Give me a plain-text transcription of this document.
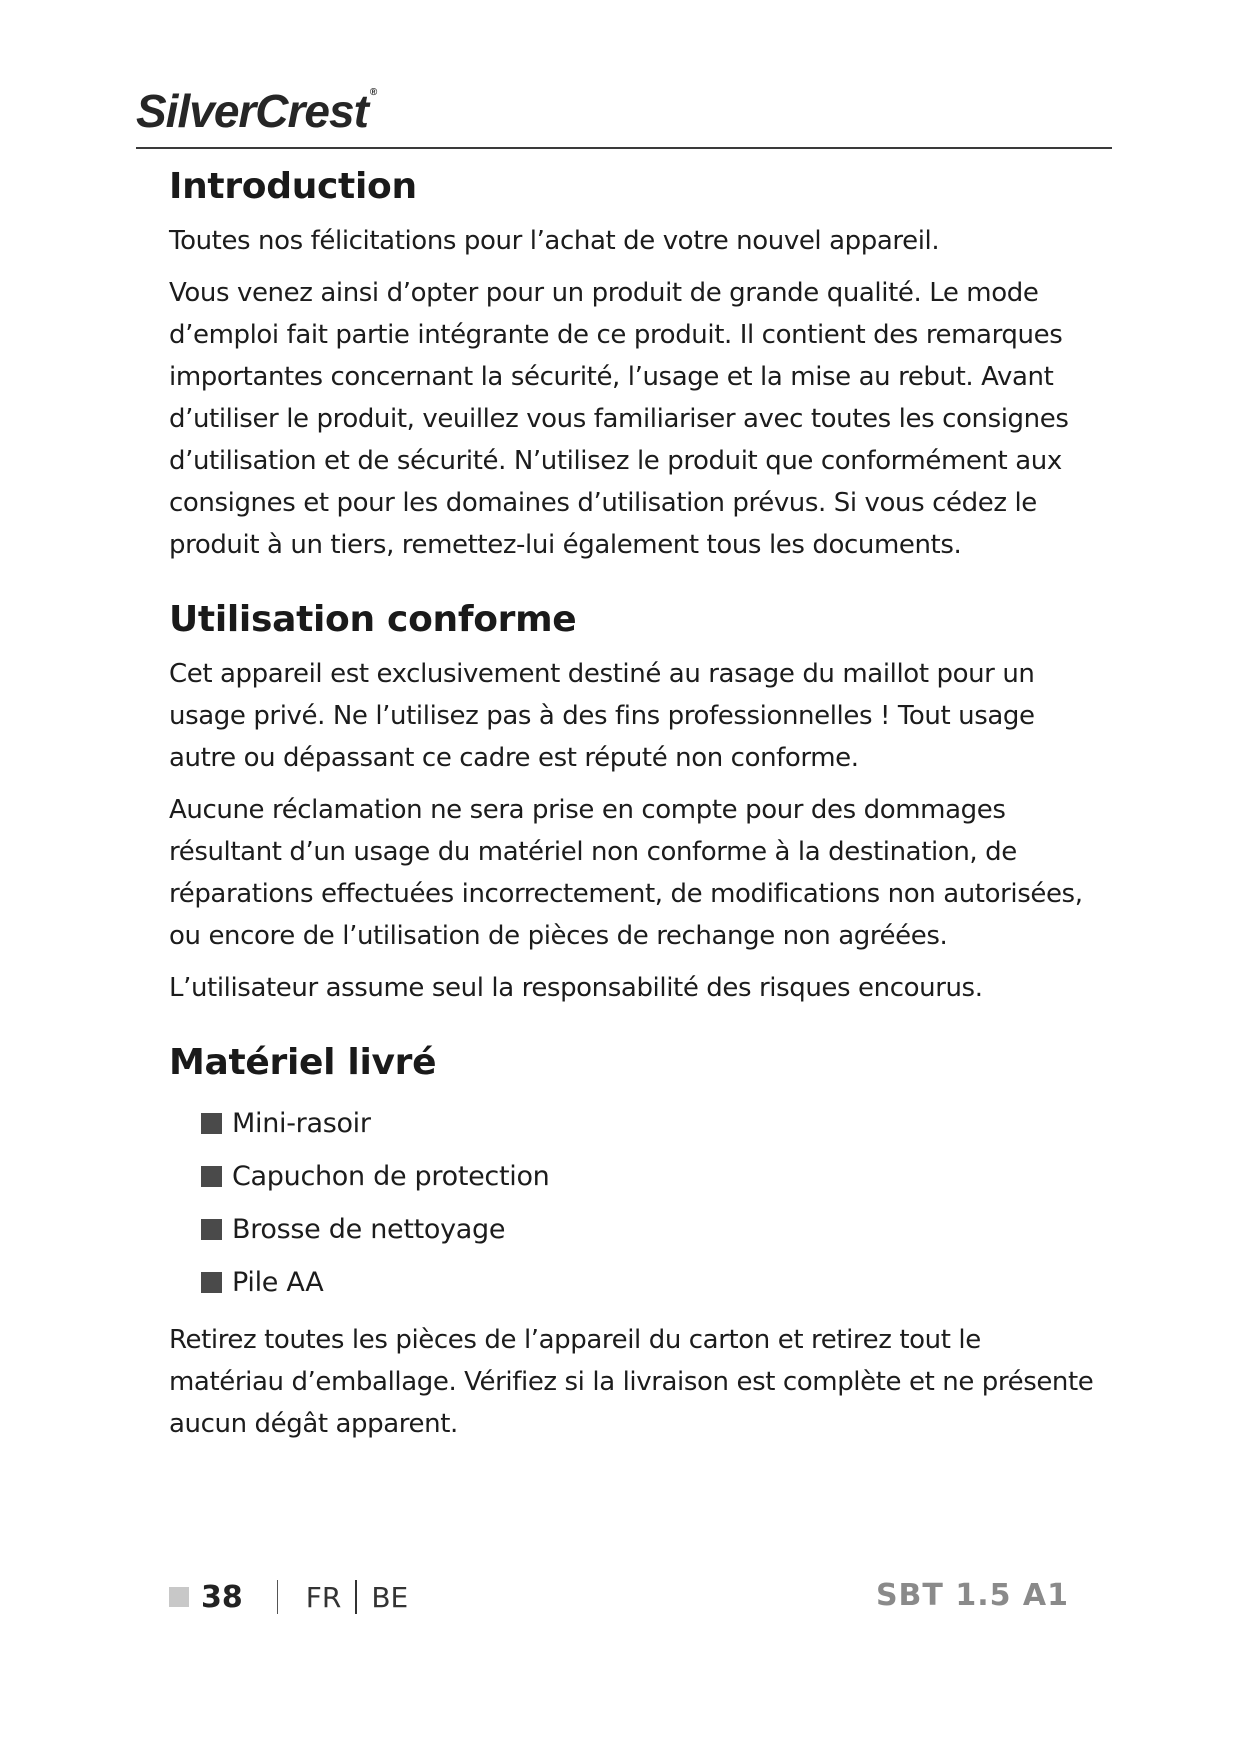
SilverCrest ®
Introduction

Toutes nos félicitations pour l’achat de votre nouvel appareil.

Vous venez ainsi d’opter pour un produit de grande qualité. Le mode d’emploi fait partie intégrante de ce produit. Il contient des remarques importantes concernant la sécurité, l’usage et la mise au rebut. Avant d’utiliser le produit, veuillez vous familiariser avec toutes les consignes d’utilisation et de sécurité. N’utilisez le produit que conformément aux consignes et pour les domaines d’utilisation prévus. Si vous cédez le produit à un tiers, remettez-lui également tous les documents.

Utilisation conforme

Cet appareil est exclusivement destiné au rasage du maillot pour un usage privé. Ne l’utilisez pas à des fins professionnelles ! Tout usage autre ou dépassant ce cadre est réputé non conforme.

Aucune réclamation ne sera prise en compte pour des dommages résultant d’un usage du matériel non conforme à la destination, de réparations effectuées incorrectement, de modifications non autorisées, ou encore de l’utilisation de pièces de rechange non agréées.

L’utilisateur assume seul la responsabilité des risques encourus.

Matériel livré
Mini-rasoir
Capuchon de protection
Brosse de nettoyage
Pile AA

Retirez toutes les pièces de l’appareil du carton et retirez tout le matériau d’emballage. Vérifiez si la livraison est complète et ne présente aucun dégât apparent.

38 FR BE	SBT 1.5 A1
